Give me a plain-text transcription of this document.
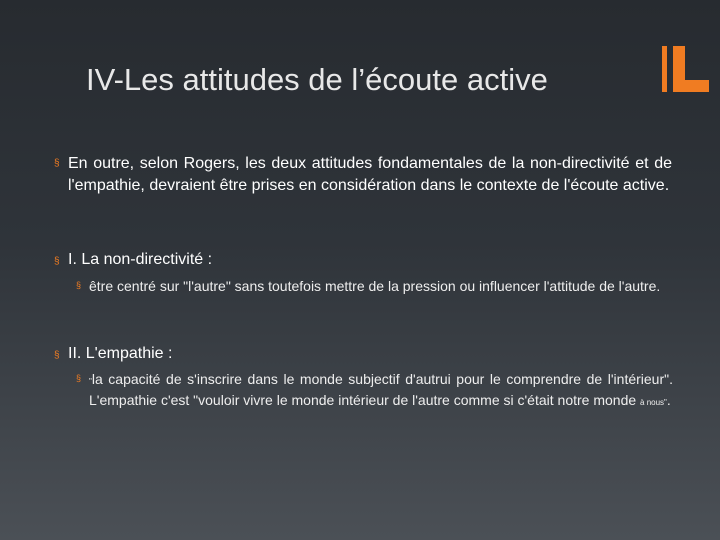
IV-Les attitudes de l’écoute active
§ En outre, selon Rogers, les deux attitudes fondamentales de la non-directivité et de l'empathie, devraient être prises en considération dans le contexte de l'écoute active.
§ I. La non-directivité :
§ être centré sur "l'autre" sans toutefois mettre de la pression ou influencer l'attitude de l'autre.
§ II. L'empathie :
§ "la capacité de s'inscrire dans le monde subjectif d'autrui pour le comprendre de l'intérieur". L'empathie c'est "vouloir vivre le monde intérieur de l'autre comme si c'était notre monde à nous".
